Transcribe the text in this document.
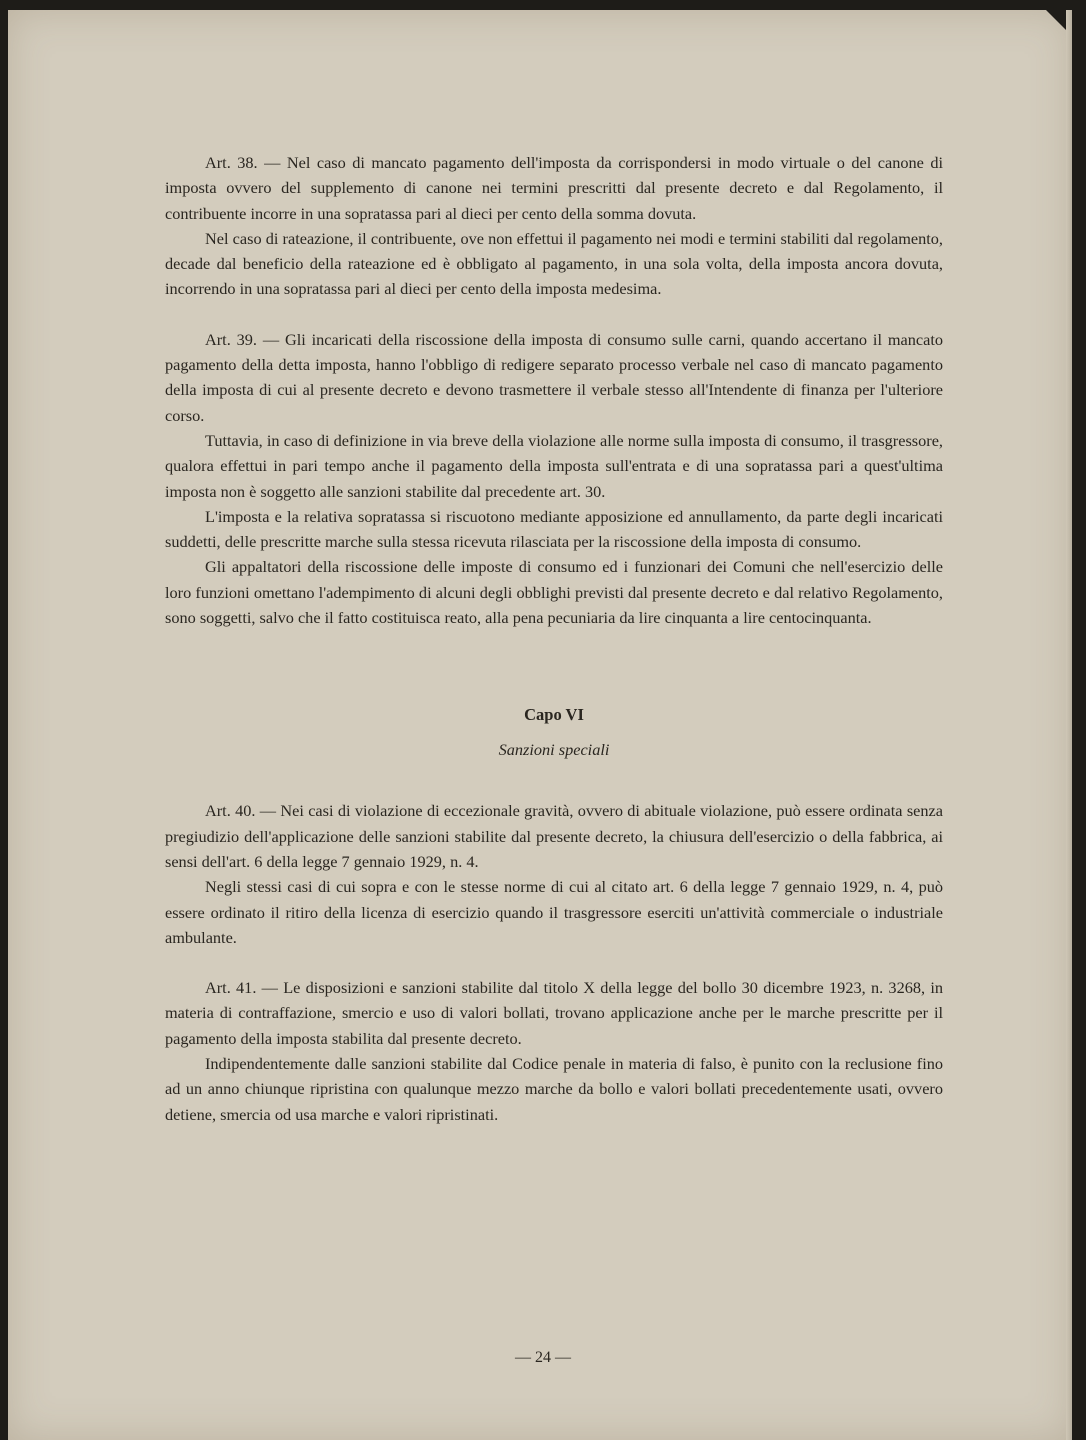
Art. 38. — Nel caso di mancato pagamento dell'imposta da corrispondersi in modo virtuale o del canone di imposta ovvero del supplemento di canone nei termini prescritti dal presente decreto e dal Regolamento, il contribuente incorre in una sopratassa pari al dieci per cento della somma dovuta.

Nel caso di rateazione, il contribuente, ove non effettui il pagamento nei modi e termini stabiliti dal regolamento, decade dal beneficio della rateazione ed è obbligato al pagamento, in una sola volta, della imposta ancora dovuta, incorrendo in una sopratassa pari al dieci per cento della imposta medesima.

Art. 39. — Gli incaricati della riscossione della imposta di consumo sulle carni, quando accertano il mancato pagamento della detta imposta, hanno l'obbligo di redigere separato processo verbale nel caso di mancato pagamento della imposta di cui al presente decreto e devono trasmettere il verbale stesso all'Intendente di finanza per l'ulteriore corso.

Tuttavia, in caso di definizione in via breve della violazione alle norme sulla imposta di consumo, il trasgressore, qualora effettui in pari tempo anche il pagamento della imposta sull'entrata e di una sopratassa pari a quest'ultima imposta non è soggetto alle sanzioni stabilite dal precedente art. 30.

L'imposta e la relativa sopratassa si riscuotono mediante apposizione ed annullamento, da parte degli incaricati suddetti, delle prescritte marche sulla stessa ricevuta rilasciata per la riscossione della imposta di consumo.

Gli appaltatori della riscossione delle imposte di consumo ed i funzionari dei Comuni che nell'esercizio delle loro funzioni omettano l'adempimento di alcuni degli obblighi previsti dal presente decreto e dal relativo Regolamento, sono soggetti, salvo che il fatto costituisca reato, alla pena pecuniaria da lire cinquanta a lire centocinquanta.

Capo VI
Sanzioni speciali

Art. 40. — Nei casi di violazione di eccezionale gravità, ovvero di abituale violazione, può essere ordinata senza pregiudizio dell'applicazione delle sanzioni stabilite dal presente decreto, la chiusura dell'esercizio o della fabbrica, ai sensi dell'art. 6 della legge 7 gennaio 1929, n. 4.

Negli stessi casi di cui sopra e con le stesse norme di cui al citato art. 6 della legge 7 gennaio 1929, n. 4, può essere ordinato il ritiro della licenza di esercizio quando il trasgressore eserciti un'attività commerciale o industriale ambulante.

Art. 41. — Le disposizioni e sanzioni stabilite dal titolo X della legge del bollo 30 dicembre 1923, n. 3268, in materia di contraffazione, smercio e uso di valori bollati, trovano applicazione anche per le marche prescritte per il pagamento della imposta stabilita dal presente decreto.

Indipendentemente dalle sanzioni stabilite dal Codice penale in materia di falso, è punito con la reclusione fino ad un anno chiunque ripristina con qualunque mezzo marche da bollo e valori bollati precedentemente usati, ovvero detiene, smercia od usa marche e valori ripristinati.

— 24 —
